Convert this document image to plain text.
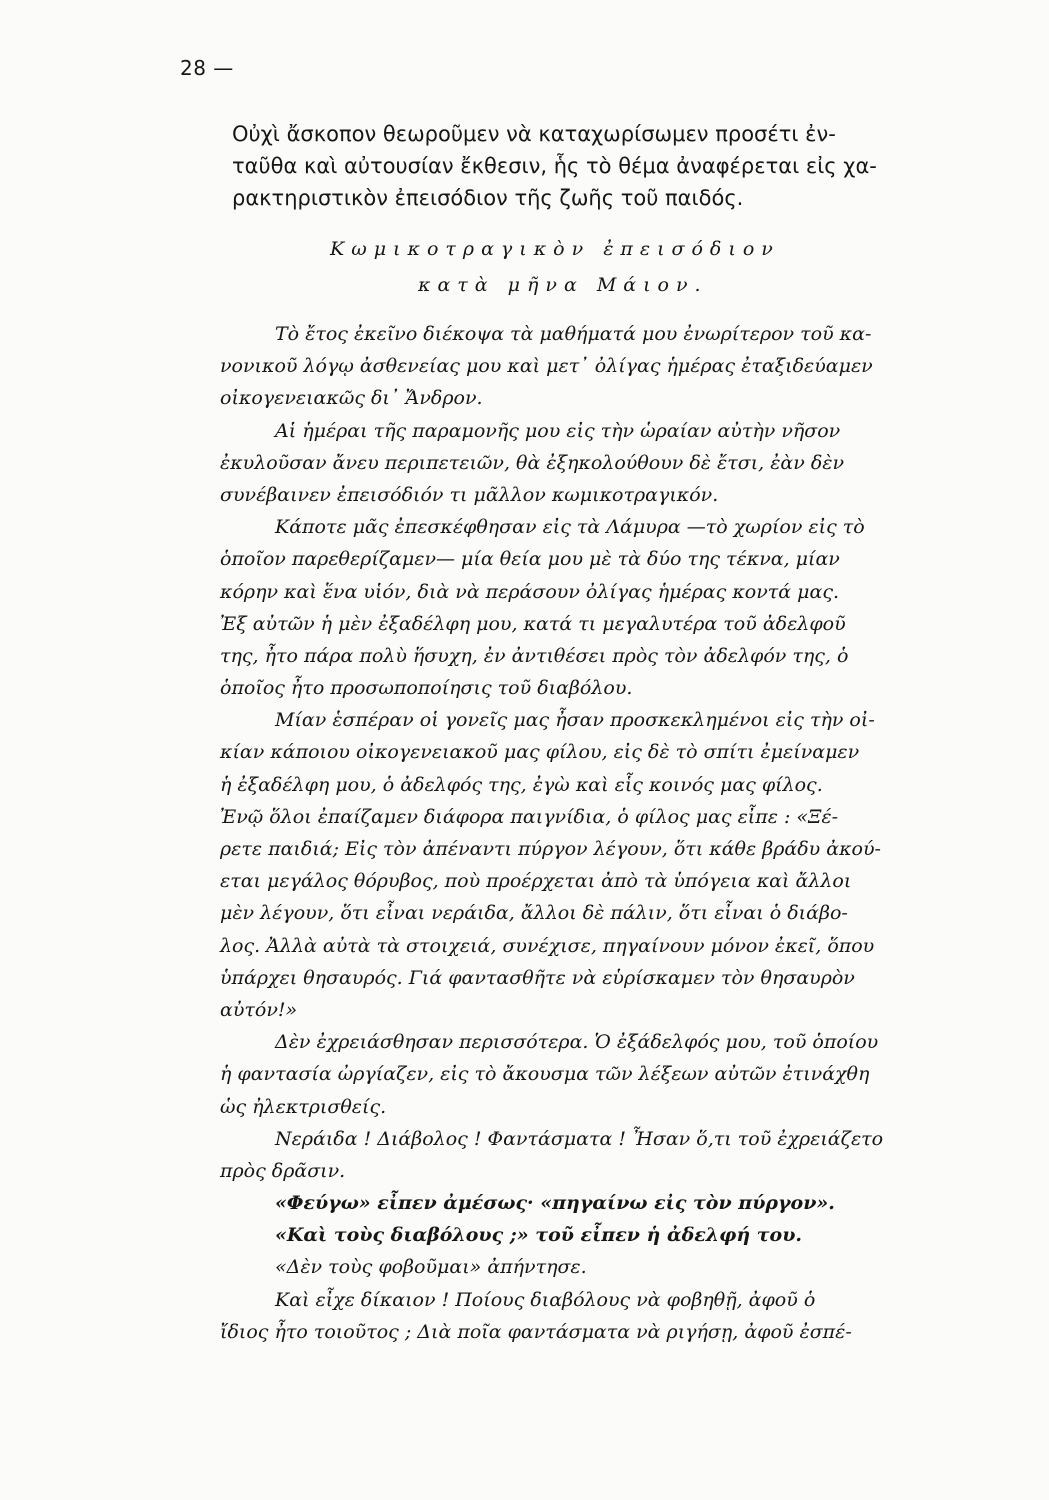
28 —

Οὐχὶ ἄσκοπον θεωροῦμεν νὰ καταχωρίσωμεν προσέτι ἐν-

ταῦθα καὶ αὐτουσίαν ἔκθεσιν, ἧς τὸ θέμα ἀναφέρεται εἰς χα-

ρακτηριστικὸν ἐπεισόδιον τῆς ζωῆς τοῦ παιδός.

Κωμικοτραγικὸν ἐπεισόδιον
κατὰ μῆνα Μάιον.

Τὸ ἔτος ἐκεῖνο διέκοψα τὰ μαθήματά μου ἐνωρίτερον τοῦ κα-

νονικοῦ λόγῳ ἀσθενείας μου καὶ μετ᾽ ὀλίγας ἡμέρας ἐταξιδεύαμεν

οἰκογενειακῶς δι᾽ Ἄνδρον.

Αἱ ἡμέραι τῆς παραμονῆς μου εἰς τὴν ὡραίαν αὐτὴν νῆσον

ἐκυλοῦσαν ἄνευ περιπετειῶν, θὰ ἐξηκολούθουν δὲ ἔτσι, ἐὰν δὲν

συνέβαινεν ἐπεισόδιόν τι μᾶλλον κωμικοτραγικόν.

Κάποτε μᾶς ἐπεσκέφθησαν εἰς τὰ Λάμυρα —τὸ χωρίον εἰς τὸ

ὁποῖον παρεθερίζαμεν— μία θεία μου μὲ τὰ δύο της τέκνα, μίαν

κόρην καὶ ἕνα υἱόν, διὰ νὰ περάσουν ὀλίγας ἡμέρας κοντά μας.

Ἐξ αὐτῶν ἡ μὲν ἐξαδέλφη μου, κατά τι μεγαλυτέρα τοῦ ἀδελφοῦ

της, ἦτο πάρα πολὺ ἥσυχη, ἐν ἀντιθέσει πρὸς τὸν ἀδελφόν της, ὁ

ὁποῖος ἦτο προσωποποίησις τοῦ διαβόλου.

Μίαν ἑσπέραν οἱ γονεῖς μας ἦσαν προσκεκλημένοι εἰς τὴν οἰ-

κίαν κάποιου οἰκογενειακοῦ μας φίλου, εἰς δὲ τὸ σπίτι ἐμείναμεν

ἡ ἐξαδέλφη μου, ὁ ἀδελφός της, ἐγὼ καὶ εἷς κοινός μας φίλος.

Ἐνῷ ὅλοι ἐπαίζαμεν διάφορα παιγνίδια, ὁ φίλος μας εἶπε : «Ξέ-

ρετε παιδιά; Εἰς τὸν ἀπέναντι πύργον λέγουν, ὅτι κάθε βράδυ ἀκού-

εται μεγάλος θόρυβος, ποὺ προέρχεται ἀπὸ τὰ ὑπόγεια καὶ ἄλλοι

μὲν λέγουν, ὅτι εἶναι νεράιδα, ἄλλοι δὲ πάλιν, ὅτι εἶναι ὁ διάβο-

λος. Ἀλλὰ αὐτὰ τὰ στοιχειά, συνέχισε, πηγαίνουν μόνον ἐκεῖ, ὅπου

ὑπάρχει θησαυρός. Γιά φαντασθῆτε νὰ εὑρίσκαμεν τὸν θησαυρὸν

αὐτόν!»

Δὲν ἐχρειάσθησαν περισσότερα. Ὁ ἐξάδελφός μου, τοῦ ὁποίου

ἡ φαντασία ὠργίαζεν, εἰς τὸ ἄκουσμα τῶν λέξεων αὐτῶν ἐτινάχθη

ὡς ἠλεκτρισθείς.

Νεράιδα ! Διάβολος ! Φαντάσματα ! Ἦσαν ὅ,τι τοῦ ἐχρειάζετο

πρὸς δρᾶσιν.

«Φεύγω» εἶπεν ἀμέσως· «πηγαίνω εἰς τὸν πύργον».

«Καὶ τοὺς διαβόλους ;» τοῦ εἶπεν ἡ ἀδελφή του.

«Δὲν τοὺς φοβοῦμαι» ἀπήντησε.

Καὶ εἶχε δίκαιον ! Ποίους διαβόλους νὰ φοβηθῇ, ἀφοῦ ὁ

ἴδιος ἦτο τοιοῦτος ; Διὰ ποῖα φαντάσματα νὰ ριγήσῃ, ἀφοῦ ἐσπέ-
